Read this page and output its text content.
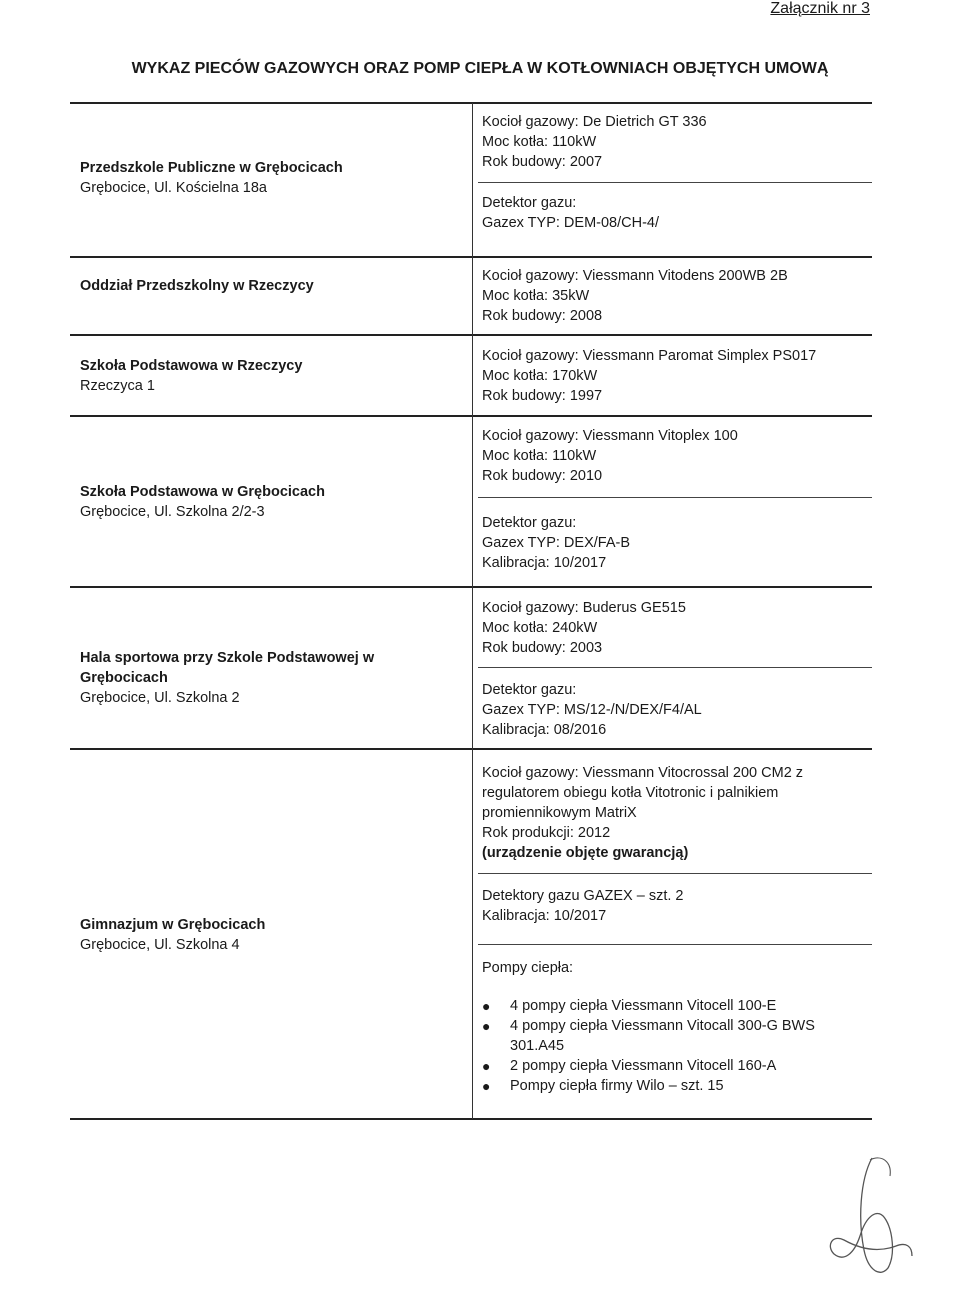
Załącznik nr 3
WYKAZ PIECÓW GAZOWYCH ORAZ POMP CIEPŁA W KOTŁOWNIACH OBJĘTYCH UMOWĄ
Przedszkole Publiczne w Grębocicach
Grębocice, Ul. Kościelna 18a
Kocioł gazowy: De Dietrich GT 336
Moc kotła: 110kW
Rok budowy: 2007
Detektor gazu:
Gazex TYP: DEM-08/CH-4/
Oddział Przedszkolny w Rzeczycy
Kocioł gazowy: Viessmann Vitodens 200WB 2B
Moc kotła: 35kW
Rok budowy: 2008
Szkoła Podstawowa w Rzeczycy
Rzeczyca 1
Kocioł gazowy: Viessmann Paromat Simplex PS017
Moc kotła: 170kW
Rok budowy: 1997
Szkoła Podstawowa w Grębocicach
Grębocice, Ul. Szkolna 2/2-3
Kocioł gazowy: Viessmann Vitoplex 100
Moc kotła: 110kW
Rok budowy: 2010
Detektor gazu:
Gazex TYP: DEX/FA-B
Kalibracja: 10/2017
Hala sportowa przy Szkole Podstawowej w Grębocicach
Grębocice, Ul. Szkolna 2
Kocioł gazowy: Buderus GE515
Moc kotła: 240kW
Rok budowy: 2003
Detektor gazu:
Gazex TYP: MS/12-/N/DEX/F4/AL
Kalibracja: 08/2016
Gimnazjum w Grębocicach
Grębocice, Ul. Szkolna 4
Kocioł gazowy: Viessmann Vitocrossal 200 CM2 z
regulatorem obiegu kotła Vitotronic i palnikiem
promiennikowym MatriX
Rok produkcji: 2012
(urządzenie objęte gwarancją)
Detektory gazu GAZEX – szt. 2
Kalibracja: 10/2017
Pompy ciepła:
● 4 pompy ciepła Viessmann Vitocell 100-E
● 4 pompy ciepła Viessmann Vitocall 300-G BWS 301.A45
● 2 pompy ciepła Viessmann Vitocell 160-A
● Pompy ciepła firmy Wilo – szt. 15
